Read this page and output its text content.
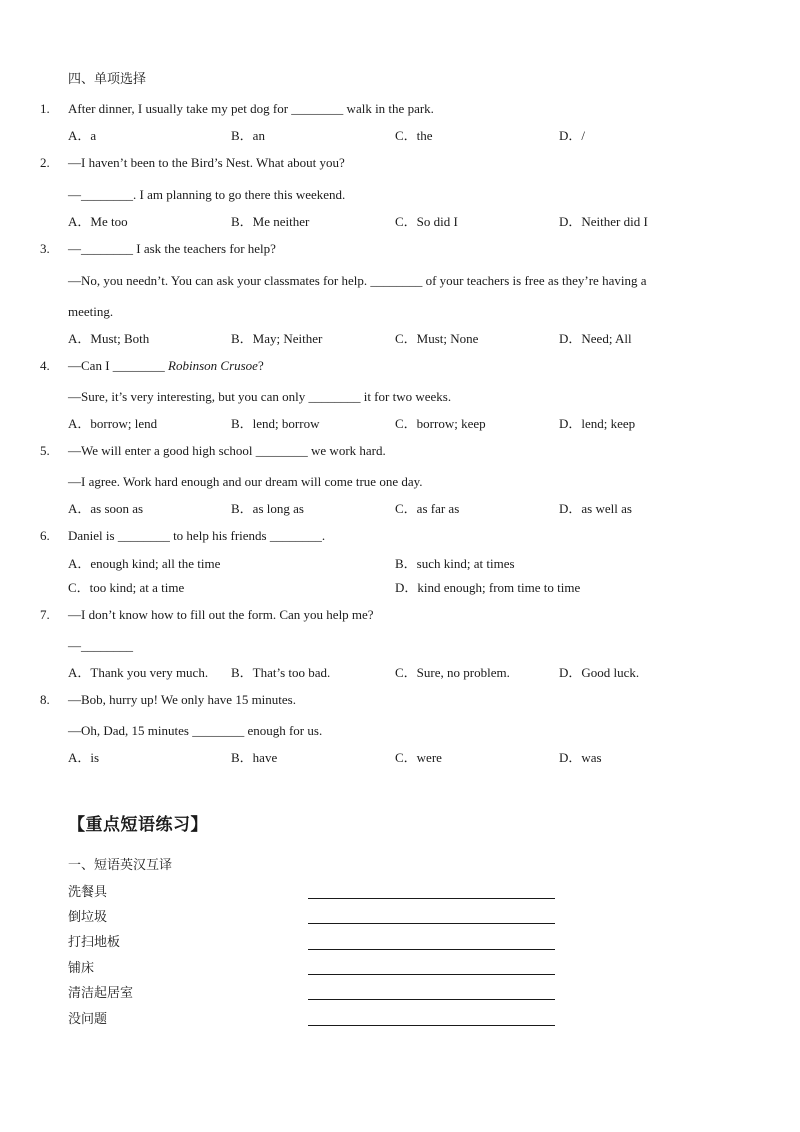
四、单项选择
1. After dinner, I usually take my pet dog for ________ walk in the park.
A．a	B．an	C．the	D．/
2. —I haven’t been to the Bird’s Nest. What about you?
—________. I am planning to go there this weekend.
A．Me too	B．Me neither	C．So did I	D．Neither did I
3. —________ I ask the teachers for help?
—No, you needn’t. You can ask your classmates for help. ________ of your teachers is free as they’re having a
meeting.
A．Must; Both	B．May; Neither	C．Must; None	D．Need; All
4. —Can I ________ Robinson Crusoe?
—Sure, it’s very interesting, but you can only ________ it for two weeks.
A．borrow; lend	B．lend; borrow	C．borrow; keep	D．lend; keep
5. —We will enter a good high school ________ we work hard.
—I agree. Work hard enough and our dream will come true one day.
A．as soon as	B．as long as	C．as far as	D．as well as
6. Daniel is ________ to help his friends ________.
A．enough kind; all the time	B．such kind; at times
C．too kind; at a time	D．kind enough; from time to time
7. —I don’t know how to fill out the form. Can you help me?
—________
A．Thank you very much. B．That’s too bad.	C．Sure, no problem.	D．Good luck.
8. —Bob, hurry up! We only have 15 minutes.
—Oh, Dad, 15 minutes ________ enough for us.
A．is	B．have	C．were	D．was
【重点短语练习】
一、短语英汉互译
洗餐具
倒垃圾
打扫地板
铺床
清洁起居室
没问题
